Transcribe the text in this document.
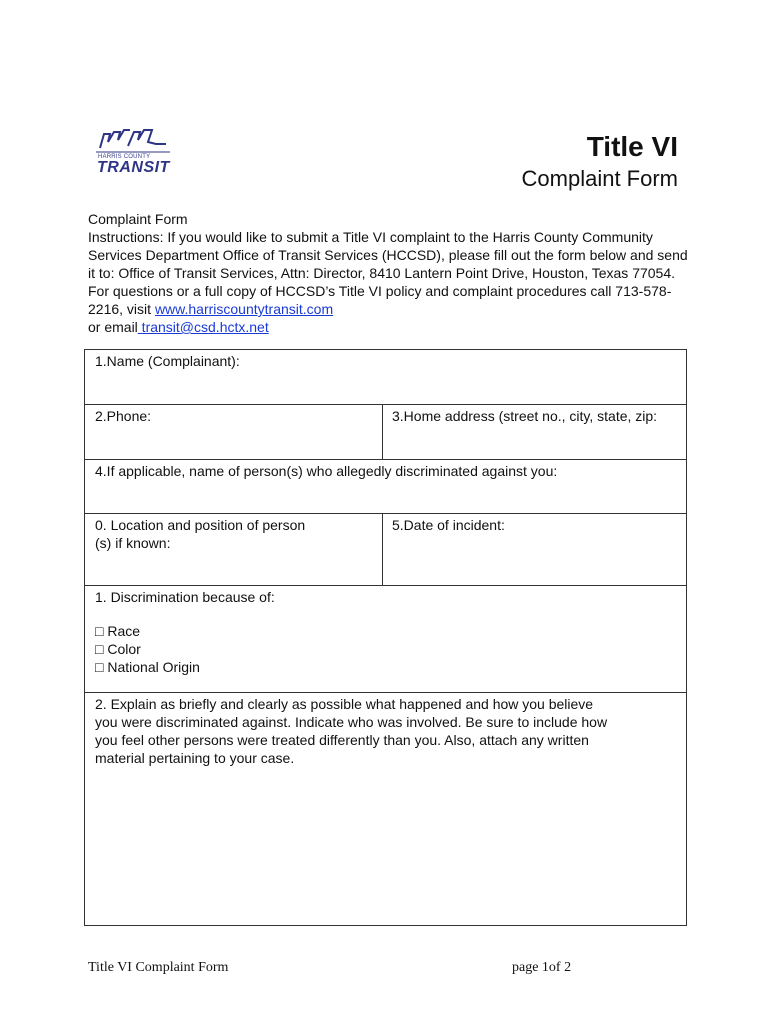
HARRIS COUNTY
TRANSIT
Title VI
Complaint Form

Complaint Form

Instructions: If you would like to submit a Title VI complaint to the Harris County Community Services Department Office of Transit Services (HCCSD), please fill out the form below and send it to: Office of Transit Services, Attn: Director, 8410 Lantern Point Drive, Houston, Texas 77054. For questions or a full copy of HCCSD’s Title VI policy and complaint procedures call 713-578-2216, visit www.harriscountytransit.com

or email transit@csd.hctx.net

1.Name (Complainant):
2.Phone:	3.Home address (street no., city, state, zip:
4.If applicable, name of person(s) who allegedly discriminated against you:
0. Location and position of person
(s) if known:
5.Date of incident:
1. Discrimination because of:
□ Race
□ Color
□ National Origin
2. Explain as briefly and clearly as possible what happened and how you believe
you were discriminated against. Indicate who was involved. Be sure to include how
you feel other persons were treated differently than you. Also, attach any written
material pertaining to your case.
Title VI Complaint Form	page 1of 2
